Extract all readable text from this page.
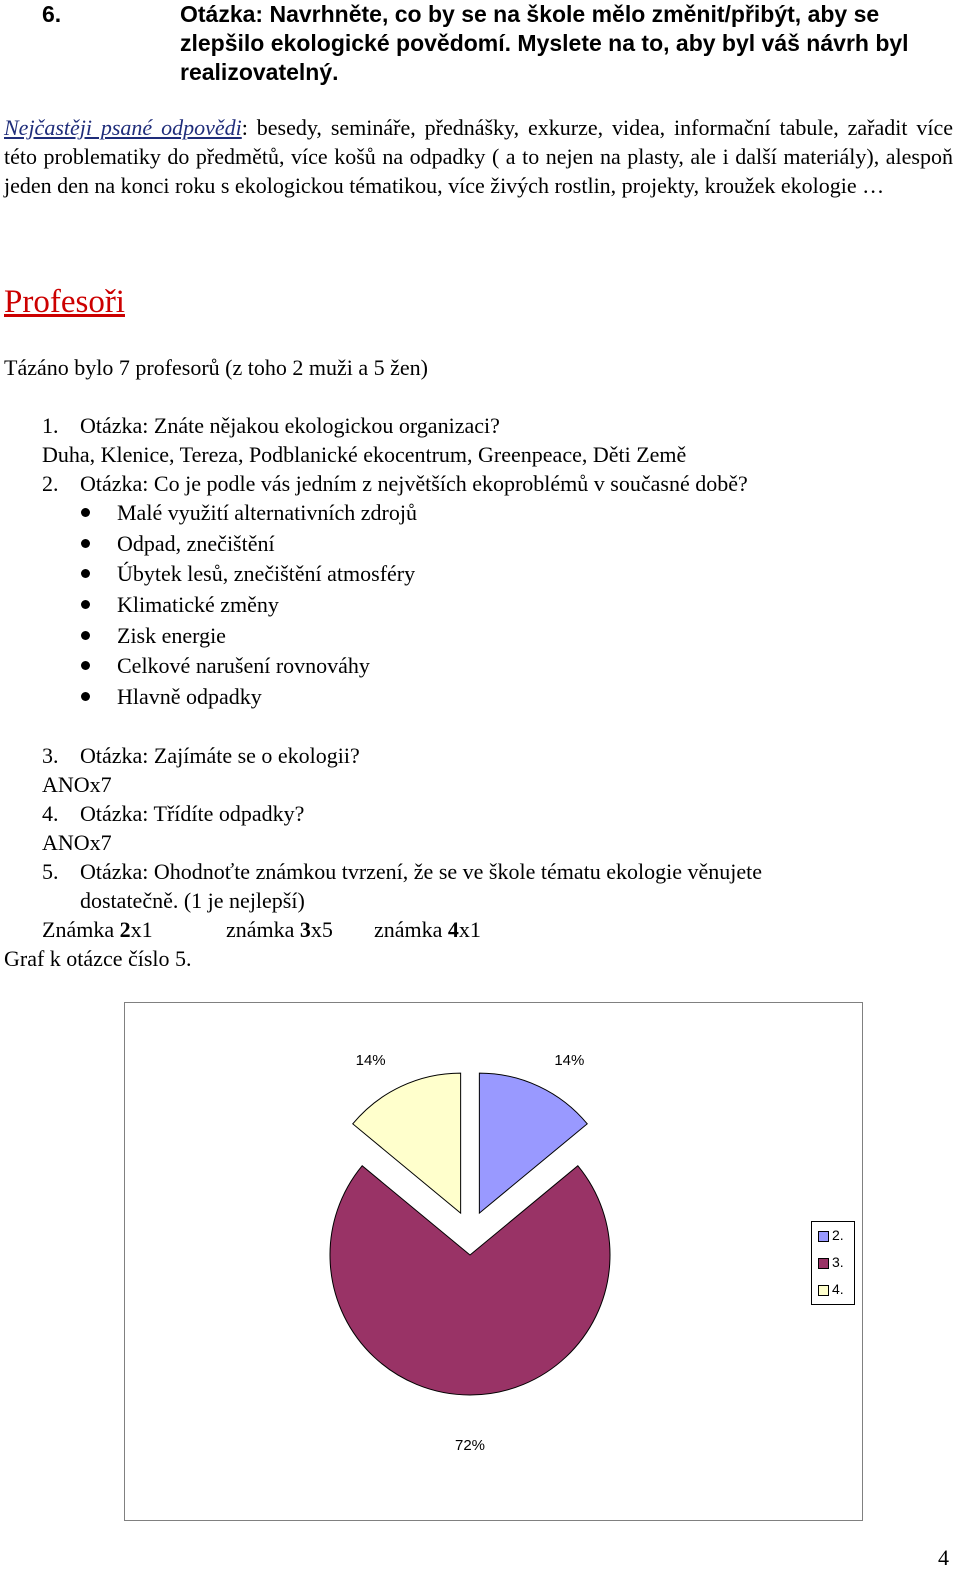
6.	Otázka: Navrhněte, co by se na škole mělo změnit/přibýt, aby se zlepšilo ekologické povědomí. Myslete na to, aby byl váš návrh byl realizovatelný.
Nejčastěji psané odpovědi: besedy, semináře, přednášky, exkurze, videa, informační tabule, zařadit více této problematiky do předmětů, více košů na odpadky ( a to nejen na plasty, ale i další materiály), alespoň jeden den na konci roku s ekologickou tématikou, více živých rostlin, projekty, kroužek ekologie …
Profesoři
Tázáno bylo 7 profesorů (z toho 2 muži a 5 žen)
1. Otázka: Znáte nějakou ekologickou organizaci?
Duha, Klenice, Tereza, Podblanické ekocentrum, Greenpeace, Děti Země
2. Otázka: Co je podle vás jedním z největších ekoproblémů v současné době?
Malé využití alternativních zdrojů
Odpad, znečištění
Úbytek lesů, znečištění atmosféry
Klimatické změny
Zisk energie
Celkové narušení rovnováhy
Hlavně odpadky
3. Otázka: Zajímáte se o ekologii?
ANOx7
4. Otázka: Třídíte odpadky?
ANOx7
5. Otázka: Ohodnoťte známkou tvrzení, že se ve škole tématu ekologie věnujete
dostatečně. (1 je nejlepší)
Známka 2x1	známka 3x5 známka 4x1
Graf k otázce číslo 5.
14%
72%
14%
2.
3.
4.
4
